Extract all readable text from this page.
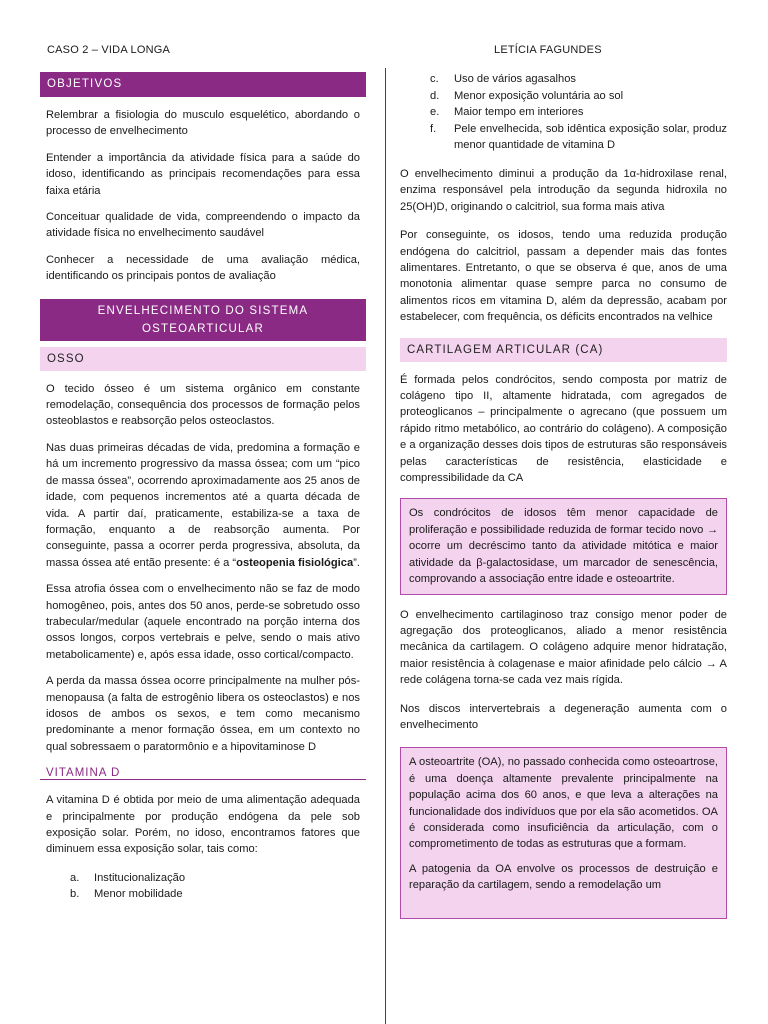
CASO 2 – VIDA LONGA	LETÍCIA FAGUNDES
OBJETIVOS

Relembrar a fisiologia do musculo esquelético, abordando o processo de envelhecimento

Entender a importância da atividade física para a saúde do idoso, identificando as principais recomendações para essa faixa etária

Conceituar qualidade de vida, compreendendo o impacto da atividade física no envelhecimento saudável

Conhecer a necessidade de uma avaliação médica, identificando os principais pontos de avaliação

ENVELHECIMENTO DO SISTEMA
OSTEOARTICULAR
OSSO

O tecido ósseo é um sistema orgânico em constante remodelação, consequência dos processos de formação pelos osteoblastos e reabsorção pelos osteoclastos.

Nas duas primeiras décadas de vida, predomina a formação e há um incremento progressivo da massa óssea; com um “pico de massa óssea”, ocorrendo aproximadamente aos 25 anos de idade, com pequenos incrementos até a quarta década de vida. A partir daí, praticamente, estabiliza-se a taxa de formação, enquanto a de reabsorção aumenta. Por conseguinte, passa a ocorrer perda progressiva, absoluta, da massa óssea até então presente: é a “osteopenia fisiológica”.

Essa atrofia óssea com o envelhecimento não se faz de modo homogêneo, pois, antes dos 50 anos, perde-se sobretudo osso trabecular/medular (aquele encontrado na porção interna dos ossos longos, corpos vertebrais e pelve, sendo o mais ativo metabolicamente) e, após essa idade, osso cortical/compacto.

A perda da massa óssea ocorre principalmente na mulher pós-menopausa (a falta de estrogênio libera os osteoclastos) e nos idosos de ambos os sexos, e tem como mecanismo predominante a menor formação óssea, em um contexto no qual sobressaem o paratormônio e a hipovitaminose D

VITAMINA D

A vitamina D é obtida por meio de uma alimentação adequada e principalmente por produção endógena da pele sob exposição solar. Porém, no idoso, encontramos fatores que diminuem essa exposição solar, tais como:

a.	Institucionalização
b.	Menor mobilidade
c.	Uso de vários agasalhos
d.	Menor exposição voluntária ao sol
e.	Maior tempo em interiores
f.	Pele envelhecida, sob idêntica exposição solar, produz menor quantidade de vitamina D

O envelhecimento diminui a produção da 1α-hidroxilase renal, enzima responsável pela introdução da segunda hidroxila no 25(OH)D, originando o calcitriol, sua forma mais ativa

Por conseguinte, os idosos, tendo uma reduzida produção endógena do calcitriol, passam a depender mais das fontes alimentares. Entretanto, o que se observa é que, anos de uma monotonia alimentar quase sempre parca no consumo de alimentos ricos em vitamina D, além da depressão, acabam por estabelecer, com frequência, os déficits encontrados na velhice

CARTILAGEM ARTICULAR (CA)

É formada pelos condrócitos, sendo composta por matriz de colágeno tipo II, altamente hidratada, com agregados de proteoglicanos – principalmente o agrecano (que possuem um rápido ritmo metabólico, ao contrário do colágeno). A composição e a organização desses dois tipos de estruturas são responsáveis pelas características de resistência, elasticidade e compressibilidade da CA

Os condrócitos de idosos têm menor capacidade de proliferação e possibilidade reduzida de formar tecido novo → ocorre um decréscimo tanto da atividade mitótica e maior atividade da β-galactosidase, um marcador de senescência, comprovando a associação entre idade e osteoartrite.

O envelhecimento cartilaginoso traz consigo menor poder de agregação dos proteoglicanos, aliado a menor resistência mecânica da cartilagem. O colágeno adquire menor hidratação, maior resistência à colagenase e maior afinidade pelo cálcio → A rede colágena torna-se cada vez mais rígida.

Nos discos intervertebrais a degeneração aumenta com o envelhecimento

A osteoartrite (OA), no passado conhecida como osteoartrose, é uma doença altamente prevalente principalmente na população acima dos 60 anos, e que leva a alterações na funcionalidade dos indivíduos que por ela são acometidos. OA é considerada como insuficiência da articulação, com o comprometimento de todas as estruturas que a formam.

A patogenia da OA envolve os processos de destruição e reparação da cartilagem, sendo a remodelação um
